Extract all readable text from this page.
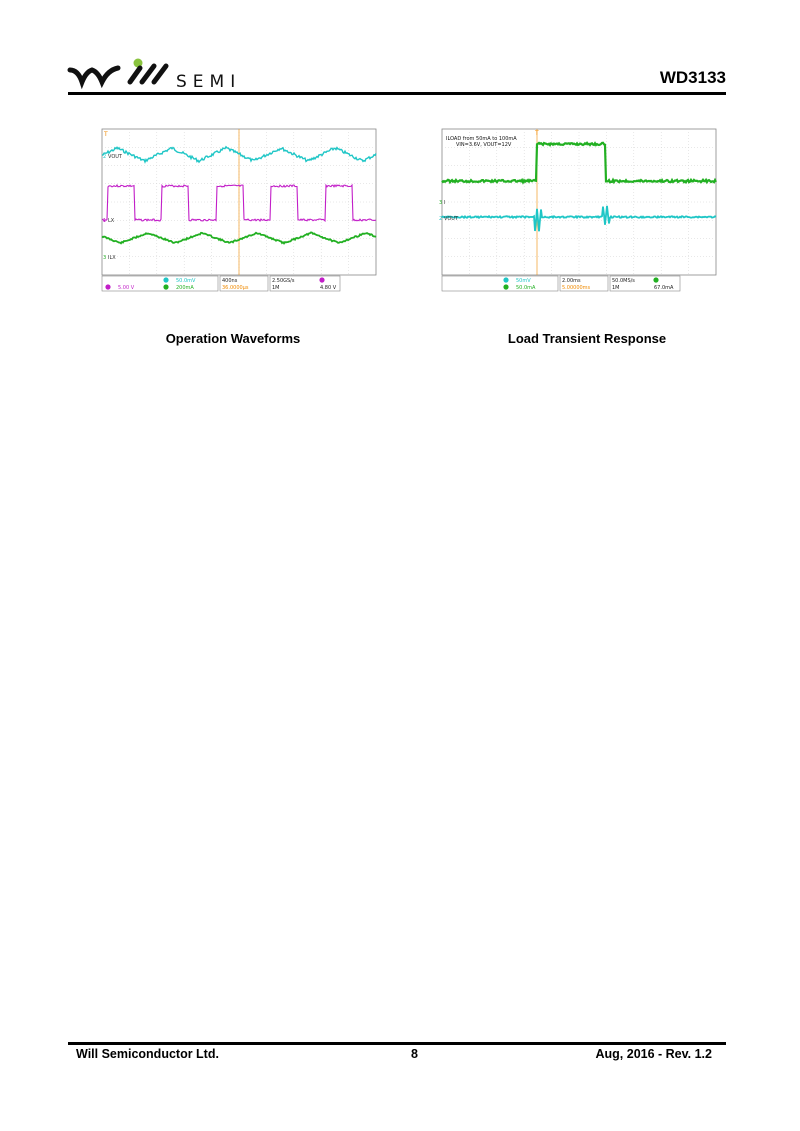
SEMI	WD3133
T
2 VOUT
1 LX
3 ILX
5.00 V
50.0mV
200mA
400ns
36.0000µs
2.50GS/s
1M	4.80 V
ILOAD from 50mA to 100mA
VIN=3.6V, VOUT=12V
T
3 I
2 VOUT
50mV
50.0mA
2.00ms
5.00000ms
50.0MS/s
1M	67.0mA
Operation Waveforms	Load Transient Response
Will Semiconductor Ltd.	8	Aug, 2016 - Rev. 1.2
